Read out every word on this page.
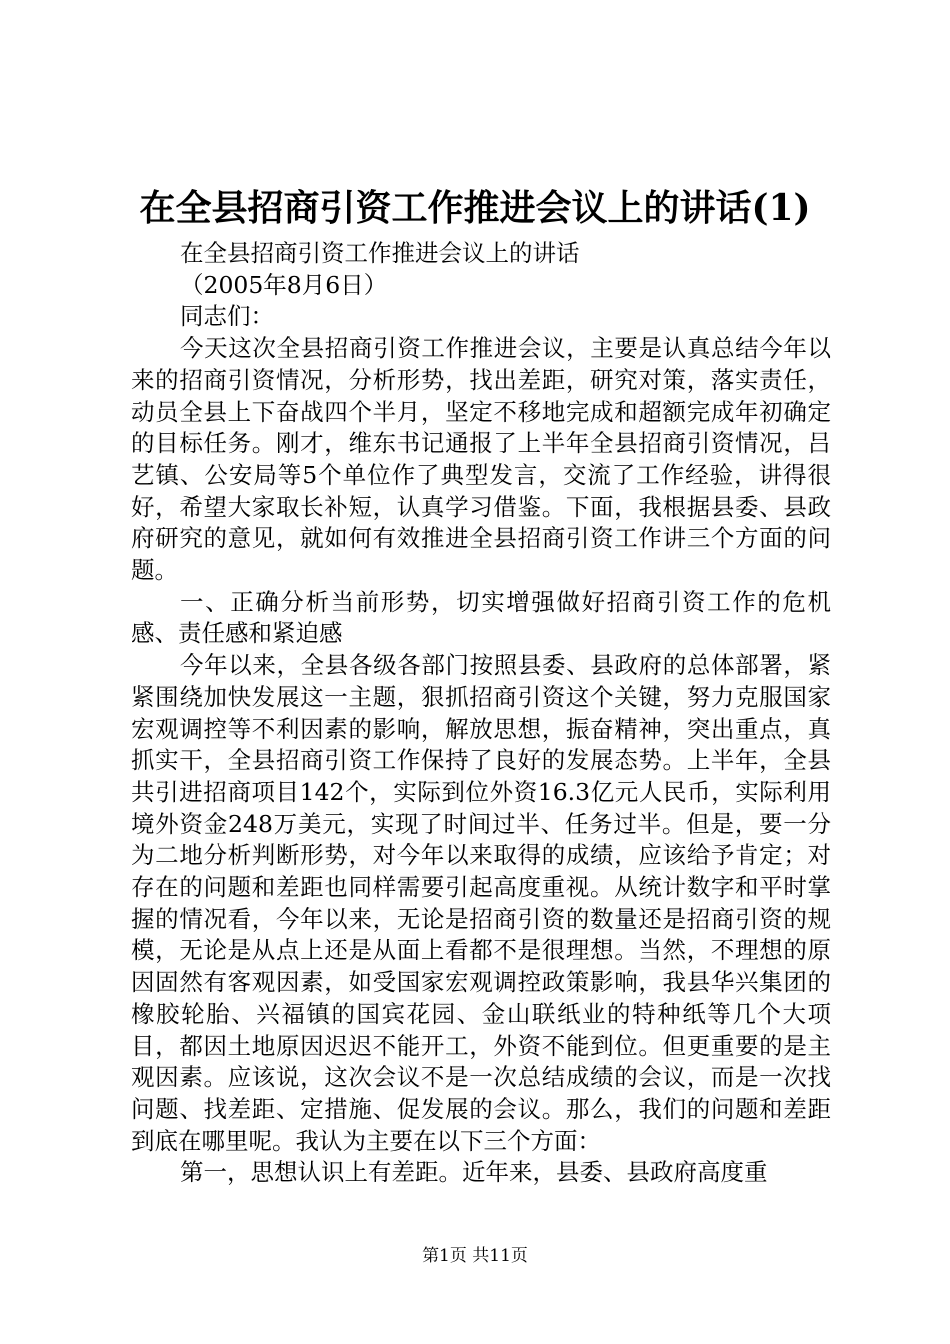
在全县招商引资工作推进会议上的讲话(1)

在全县招商引资工作推进会议上的讲话

（2005年8月6日）

同志们：

今天这次全县招商引资工作推进会议，主要是认真总结今年以来的招商引资情况，分析形势，找出差距，研究对策，落实责任，动员全县上下奋战四个半月，坚定不移地完成和超额完成年初确定的目标任务。刚才，维东书记通报了上半年全县招商引资情况，吕艺镇、公安局等5个单位作了典型发言，交流了工作经验，讲得很好，希望大家取长补短，认真学习借鉴。下面，我根据县委、县政府研究的意见，就如何有效推进全县招商引资工作讲三个方面的问题。

一、正确分析当前形势，切实增强做好招商引资工作的危机感、责任感和紧迫感

今年以来，全县各级各部门按照县委、县政府的总体部署，紧紧围绕加快发展这一主题，狠抓招商引资这个关键，努力克服国家宏观调控等不利因素的影响，解放思想，振奋精神，突出重点，真抓实干，全县招商引资工作保持了良好的发展态势。上半年，全县共引进招商项目142个，实际到位外资16.3亿元人民币，实际利用境外资金248万美元，实现了时间过半、任务过半。但是，要一分为二地分析判断形势，对今年以来取得的成绩，应该给予肯定；对存在的问题和差距也同样需要引起高度重视。从统计数字和平时掌握的情况看，今年以来，无论是招商引资的数量还是招商引资的规模，无论是从点上还是从面上看都不是很理想。当然，不理想的原因固然有客观因素，如受国家宏观调控政策影响，我县华兴集团的橡胶轮胎、兴福镇的国宾花园、金山联纸业的特种纸等几个大项目，都因土地原因迟迟不能开工，外资不能到位。但更重要的是主观因素。应该说，这次会议不是一次总结成绩的会议，而是一次找问题、找差距、定措施、促发展的会议。那么，我们的问题和差距到底在哪里呢。我认为主要在以下三个方面：

第一，思想认识上有差距。近年来，县委、县政府高度重

第1页 共11页
